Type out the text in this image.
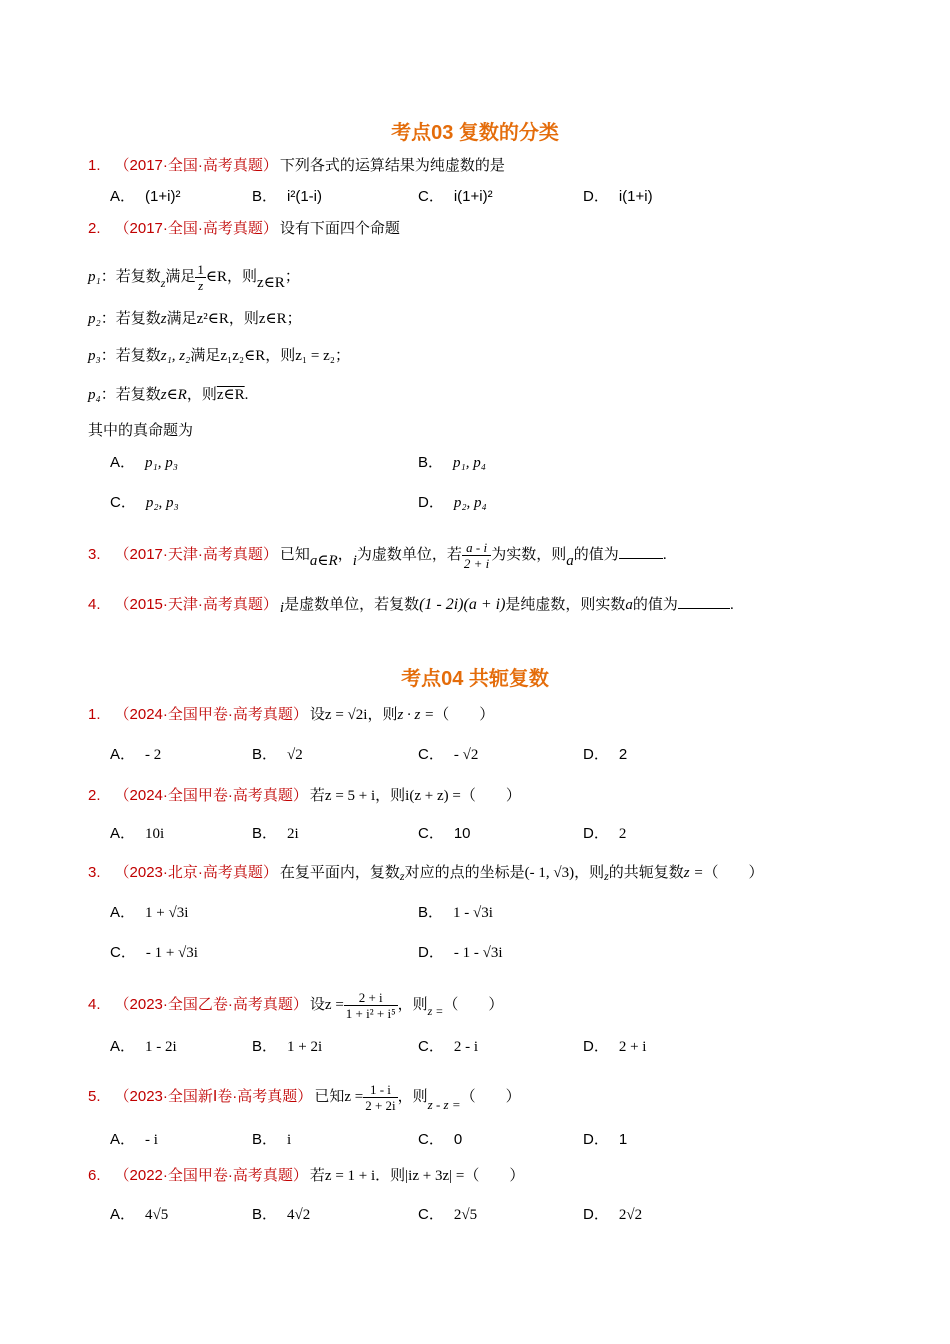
考点03 复数的分类
1. （2017·全国·高考真题） 下列各式的运算结果为纯虚数的是
A． (1+i)²	B． i²(1-i)	C． i(1+i)²	D． i(1+i)
2. （2017·全国·高考真题） 设有下面四个命题
p₁：若复数$_z$满足 $\frac{1}{z}$ ∈R，则z∈R；
p₂：若复数z满足z²∈R，则z∈R；
p₃：若复数z₁, z₂满足z₁z₂∈R，则z₁ = z₂；
p₄：若复数z∈R，则z∈R.
其中的真命题为
A． p₁, p₃	B． p₁, p₄
C． p₂, p₃	D． p₂, p₄
3. （2017·天津·高考真题） 已知a∈R，i为虚数单位，若 $\frac{a - i}{2 + i}$ 为实数，则a的值为	.
4. （2015·天津·高考真题） i是虚数单位，若复数(1 - 2i)(a + i)是纯虚数，则实数a的值为	.
考点04 共轭复数
1. （2024·全国甲卷·高考真题） 设z = √2i，则z · z =（　　）
A． - 2	B． √2	C． - √2	D． 2
2. （2024·全国甲卷·高考真题） 若z = 5 + i，则i(z + z) =（　　）
A． 10i	B． 2i	C． 10	D． 2
3. （2023·北京·高考真题） 在复平面内，复数$_z$对应的点的坐标是(- 1, √3)，则$_z$的共轭复数z =（　　）
A． 1 + √3i	B． 1 - √3i
C． - 1 + √3i	D． - 1 - √3i
4. （2023·全国乙卷·高考真题） 设$z = \frac{2 + i}{\text{1 + i² + i⁵}}$ ，则$_{z =}$（　　）
A． 1 - 2i	B． 1 + 2i	C． 2 - i	D． 2 + i
5. （2023·全国新Ⅰ卷·高考真题） 已知$z = \frac{1 - i}{2 + 2i}$ ，则z - z =（　　）
A． - i	B． i	C． 0	D． 1
6. （2022·全国甲卷·高考真题） 若z = 1 + i．则|iz + 3z| =（　　）
A． 4√5	B． 4√2	C． 2√5	D． 2√2
